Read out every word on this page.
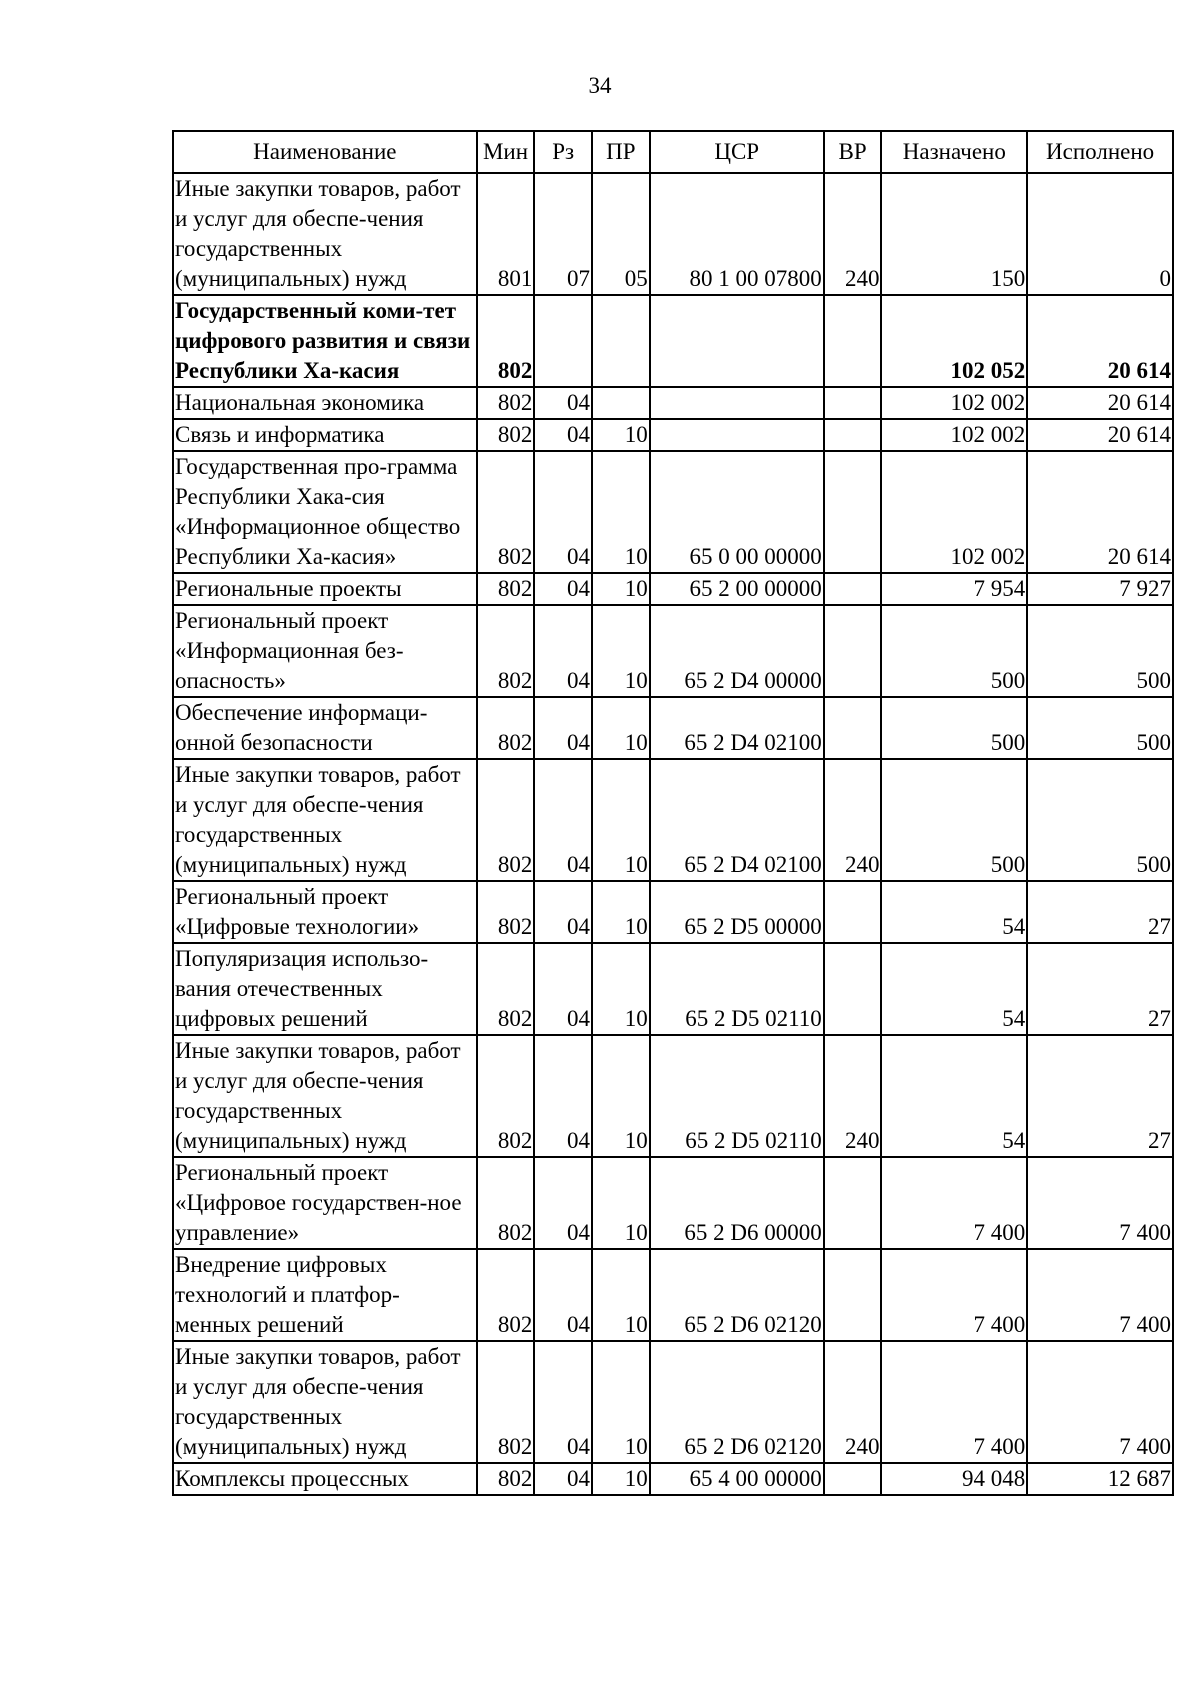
34
Наименование	Мин	Рз	ПР	ЦСР	ВР	Назначено	Исполнено
Иные закупки товаров, работ и услуг для обеспе-чения государственных (муниципальных) нужд	801	07	05	80 1 00 07800	240	150	0
Государственный коми-тет цифрового развития и связи Республики Ха-касия	802					102 052	20 614
Национальная экономика	802	04				102 002	20 614
Связь и информатика	802	04	10			102 002	20 614
Государственная про-грамма Республики Хака-сия «Информационное общество Республики Ха-касия»	802	04	10	65 0 00 00000		102 002	20 614
Региональные проекты	802	04	10	65 2 00 00000		7 954	7 927
Региональный проект «Информационная без-опасность»	802	04	10	65 2 D4 00000		500	500
Обеспечение информаци-онной безопасности	802	04	10	65 2 D4 02100		500	500
Иные закупки товаров, работ и услуг для обеспе-чения государственных (муниципальных) нужд	802	04	10	65 2 D4 02100	240	500	500
Региональный проект «Цифровые технологии»	802	04	10	65 2 D5 00000		54	27
Популяризация использо-вания отечественных цифровых решений	802	04	10	65 2 D5 02110		54	27
Иные закупки товаров, работ и услуг для обеспе-чения государственных (муниципальных) нужд	802	04	10	65 2 D5 02110	240	54	27
Региональный проект «Цифровое государствен-ное управление»	802	04	10	65 2 D6 00000		7 400	7 400
Внедрение цифровых технологий и платфор-менных решений	802	04	10	65 2 D6 02120		7 400	7 400
Иные закупки товаров, работ и услуг для обеспе-чения государственных (муниципальных) нужд	802	04	10	65 2 D6 02120	240	7 400	7 400
Комплексы процессных	802	04	10	65 4 00 00000		94 048	12 687
